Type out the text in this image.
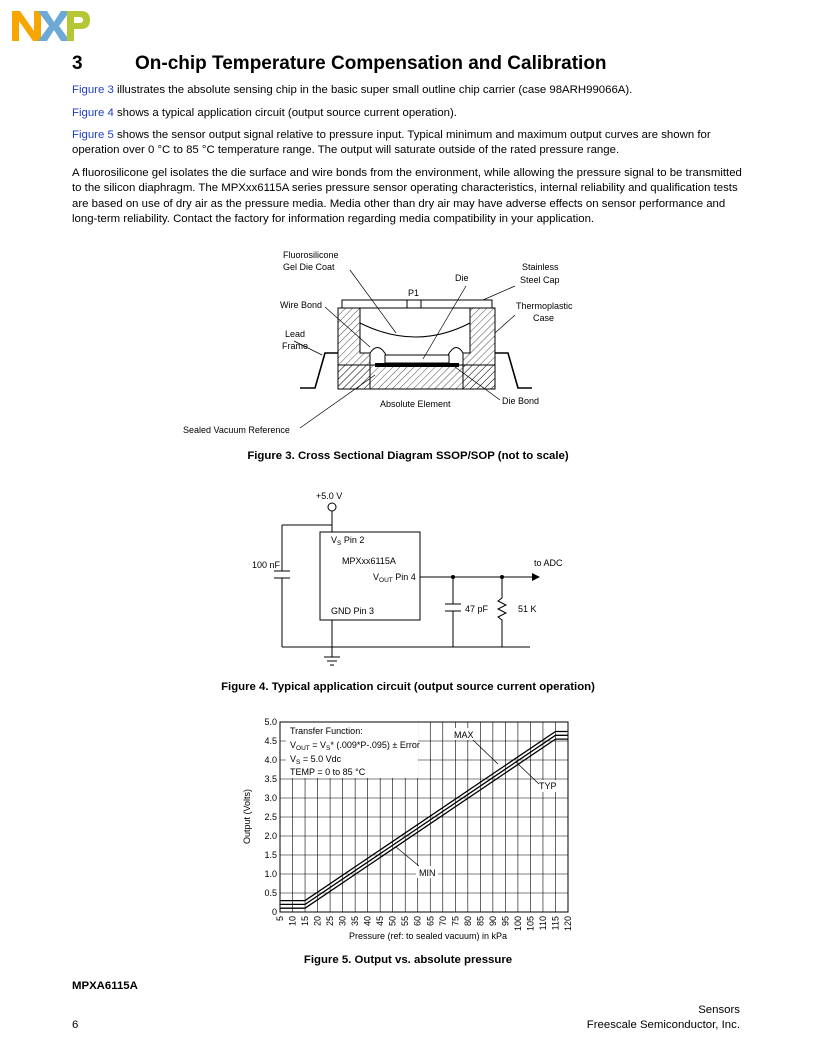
3	On-chip Temperature Compensation and Calibration

Figure 3 illustrates the absolute sensing chip in the basic super small outline chip carrier (case 98ARH99066A).

Figure 4 shows a typical application circuit (output source current operation).

Figure 5 shows the sensor output signal relative to pressure input. Typical minimum and maximum output curves are shown for operation over 0 °C to 85 °C temperature range. The output will saturate outside of the rated pressure range.

A fluorosilicone gel isolates the die surface and wire bonds from the environment, while allowing the pressure signal to be transmitted to the silicon diaphragm. The MPXxx6115A series pressure sensor operating characteristics, internal reliability and qualification tests are based on use of dry air as the pressure media. Media other than dry air may have adverse effects on sensor performance and long-term reliability. Contact the factory for information regarding media compatibility in your application.

Fluorosilicone
Gel Die Coat
Die
Stainless
Steel Cap
P1
Wire Bond	Thermoplastic
Case
Lead
Frame
Absolute Element	Die Bond
Sealed Vacuum Reference
Figure 3. Cross Sectional Diagram SSOP/SOP (not to scale)
+5.0 V
$V_S$ Pin 2
MPXxx6115A
$V_{OUT}$ Pin 4
GND Pin 3
100 nF	to ADC
47 pF	51 K
Figure 4. Typical application circuit (output source current operation)
5 10 15 20 25 30 35 40 45 50 55 60 65 70 75 80 85 90 95 100 105 110 115 120
0
0.5
1.0
1.5
2.0
2.5
3.0
3.5
4.0
4.5
5.0
Transfer Function:
$V_{OUT} = V_S*$ (.009*P-.095) ± Error
$V_S = 5.0$ Vdc
TEMP = 0 to 85 °C
MAX
TYP
MIN
Output (Volts)
Pressure (ref: to sealed vacuum) in kPa
Figure 5. Output vs. absolute pressure
MPXA6115A
6
Sensors
Freescale Semiconductor, Inc.
